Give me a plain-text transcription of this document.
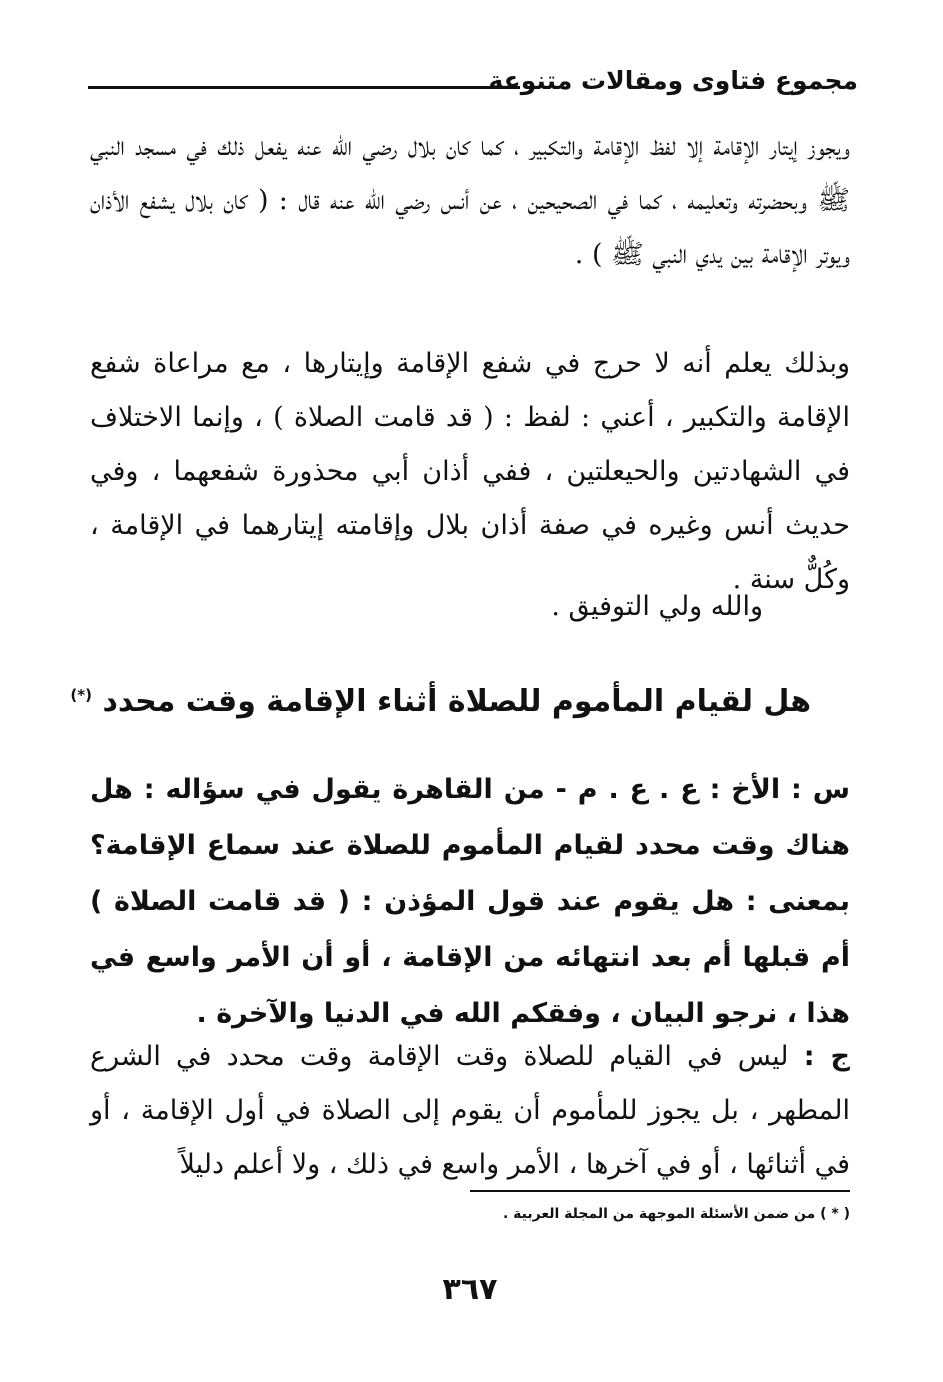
مجموع فتاوى ومقالات متنوعة
ويجوز إيتار الإقامة إلا لفظ الإقامة والتكبير ، كما كان بلال رضي الله عنه يفعل ذلك في مسجد النبي ﷺ وبحضرته وتعليمه ، كما في الصحيحين ، عن أنس رضي الله عنه قال : ( كان بلال يشفع الأذان ويوتر الإقامة بين يدي النبي ﷺ ) .
وبذلك يعلم أنه لا حرج في شفع الإقامة وإيتارها ، مع مراعاة شفع الإقامة والتكبير ، أعني : لفظ : ( قد قامت الصلاة ) ، وإنما الاختلاف في الشهادتين والحيعلتين ، ففي أذان أبي محذورة شفعهما ، وفي حديث أنس وغيره في صفة أذان بلال وإقامته إيتارهما في الإقامة ، وكُلٌّ سنة .
والله ولي التوفيق .
هل لقيام المأموم للصلاة أثناء الإقامة وقت محدد (*)
س : الأخ : ع . ع . م - من القاهرة يقول في سؤاله : هل هناك وقت محدد لقيام المأموم للصلاة عند سماع الإقامة؟ بمعنى : هل يقوم عند قول المؤذن : ( قد قامت الصلاة ) أم قبلها أم بعد انتهائه من الإقامة ، أو أن الأمر واسع في هذا ، نرجو البيان ، وفقكم الله في الدنيا والآخرة .
ج : ليس في القيام للصلاة وقت الإقامة وقت محدد في الشرع المطهر ، بل يجوز للمأموم أن يقوم إلى الصلاة في أول الإقامة ، أو في أثنائها ، أو في آخرها ، الأمر واسع في ذلك ، ولا أعلم دليلاً
( * ) من ضمن الأسئلة الموجهة من المجلة العربية .
٣٦٧
